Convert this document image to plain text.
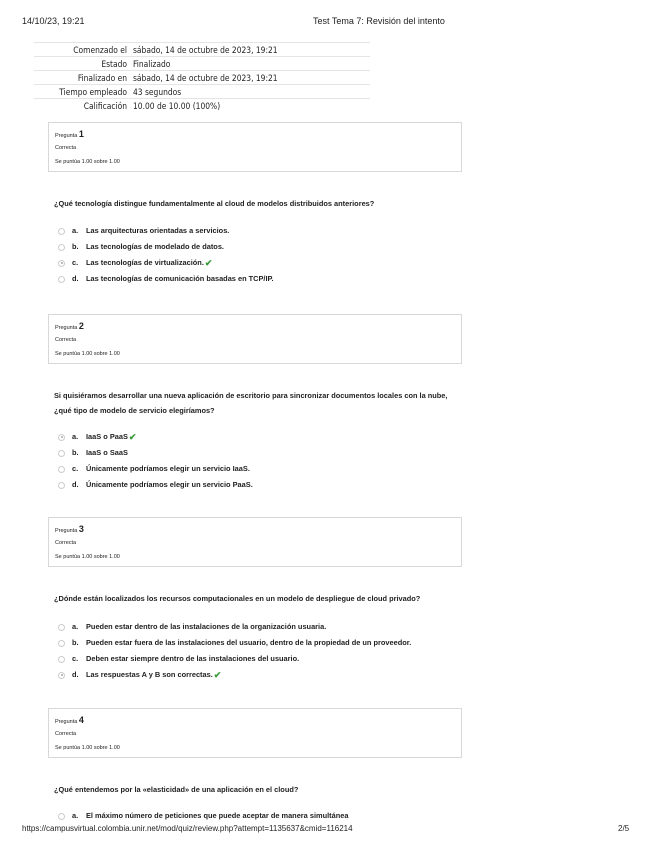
14/10/23, 19:21	Test Tema 7: Revisión del intento
Comenzado el	sábado, 14 de octubre de 2023, 19:21
Estado	Finalizado
Finalizado en	sábado, 14 de octubre de 2023, 19:21
Tiempo empleado	43 segundos
Calificación	10.00 de 10.00 (100%)
Pregunta 1
Correcta
Se puntúa 1.00 sobre 1.00
¿Qué tecnología distingue fundamentalmente al cloud de modelos distribuidos anteriores?
a.	Las arquitecturas orientadas a servicios.
b.	Las tecnologías de modelado de datos.
c.	Las tecnologías de virtualización. ✔
d.	Las tecnologías de comunicación basadas en TCP/IP.
Pregunta 2
Correcta
Se puntúa 1.00 sobre 1.00
Si quisiéramos desarrollar una nueva aplicación de escritorio para sincronizar documentos locales con la nube, ¿qué tipo de modelo de servicio elegiríamos?
a.	IaaS o PaaS ✔
b.	IaaS o SaaS
c.	Únicamente podríamos elegir un servicio IaaS.
d.	Únicamente podríamos elegir un servicio PaaS.
Pregunta 3
Correcta
Se puntúa 1.00 sobre 1.00
¿Dónde están localizados los recursos computacionales en un modelo de despliegue de cloud privado?
a.	Pueden estar dentro de las instalaciones de la organización usuaria.
b.	Pueden estar fuera de las instalaciones del usuario, dentro de la propiedad de un proveedor.
c.	Deben estar siempre dentro de las instalaciones del usuario.
d.	Las respuestas A y B son correctas. ✔
Pregunta 4
Correcta
Se puntúa 1.00 sobre 1.00
¿Qué entendemos por la «elasticidad» de una aplicación en el cloud?
a.	El máximo número de peticiones que puede aceptar de manera simultánea
https://campusvirtual.colombia.unir.net/mod/quiz/review.php?attempt=1135637&cmid=116214	2/5
